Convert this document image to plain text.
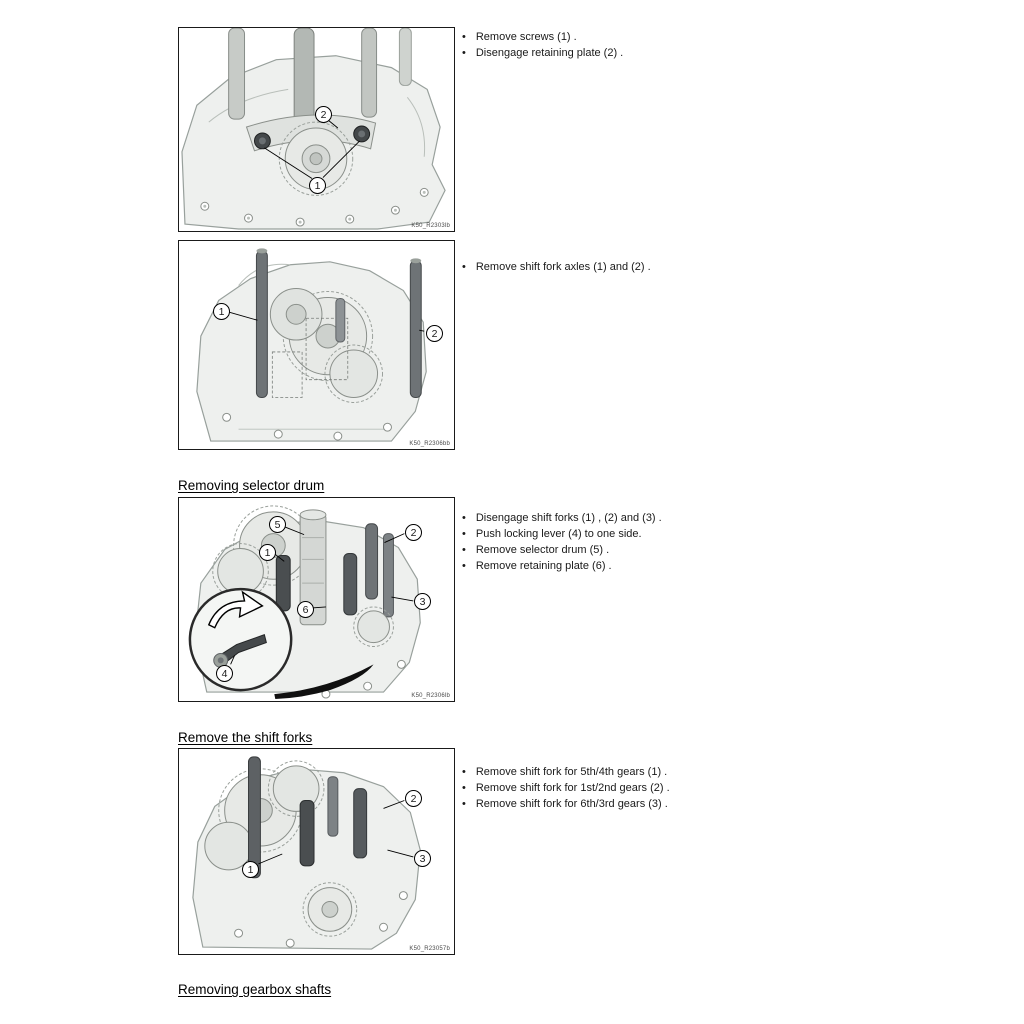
2
1
K50_R2303lb
• Remove screws (1) .
• Disengage retaining plate (2) .
1
2
K50_R2306bb
• Remove shift fork axles (1) and (2) .
Removing selector drum
5
2
1
3
6
4
K50_R2306lb
• Disengage shift forks (1) , (2) and (3) .
• Push locking lever (4) to one side.
• Remove selector drum (5) .
• Remove retaining plate (6) .
Remove the shift forks
2
3
1
K50_R23057b
• Remove shift fork for 5th/4th gears (1) .
• Remove shift fork for 1st/2nd gears (2) .
• Remove shift fork for 6th/3rd gears (3) .
Removing gearbox shafts
